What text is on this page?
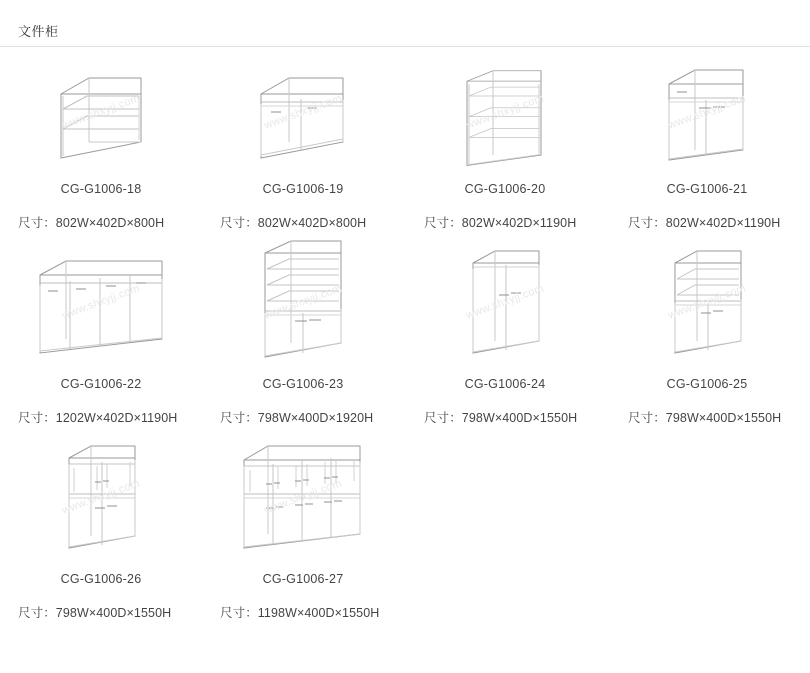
文件柜
www.shxyjj.com
CG-G1006-18
尺寸：802W×402D×800H
www.shxyjj.com
CG-G1006-19
尺寸：802W×402D×800H
www.shxyjj.com
CG-G1006-20
尺寸：802W×402D×1190H
www.shxyjj.com
CG-G1006-21
尺寸：802W×402D×1190H
www.shxyjj.com
CG-G1006-22
尺寸：1202W×402D×1190H
www.shxyjj.com
CG-G1006-23
尺寸：798W×400D×1920H
www.shxyjj.com
CG-G1006-24
尺寸：798W×400D×1550H
www.shxyjj.com
CG-G1006-25
尺寸：798W×400D×1550H
www.shxyjj.com
CG-G1006-26
尺寸：798W×400D×1550H
www.shxyjj.com
CG-G1006-27
尺寸：1198W×400D×1550H
